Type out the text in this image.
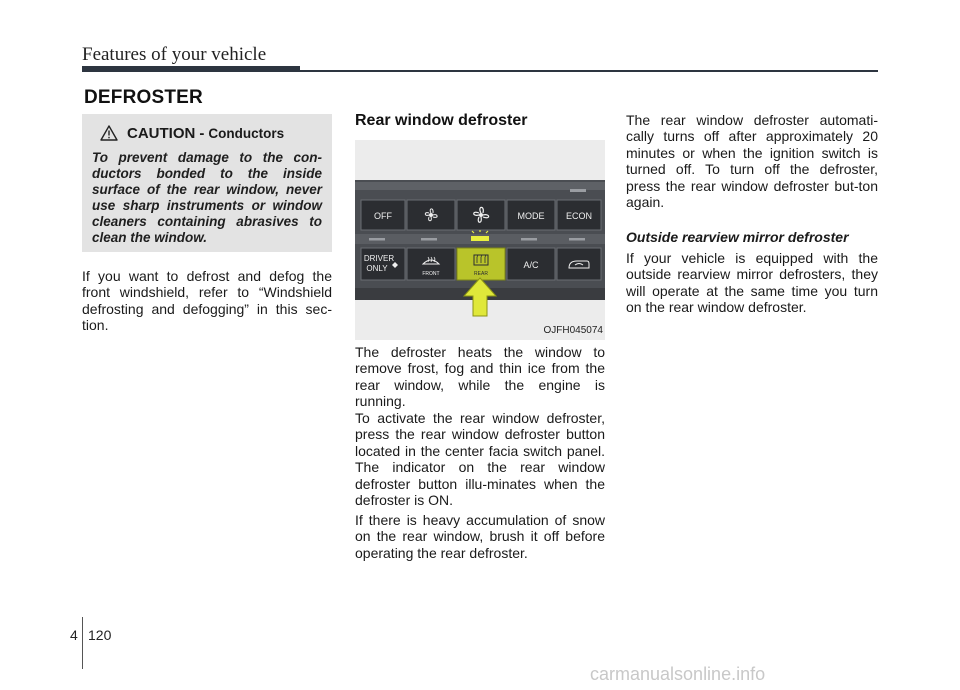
Features of your vehicle
DEFROSTER
CAUTION - Conductors
To prevent damage to the con-ductors bonded to the inside surface of the rear window, never use sharp instruments or window cleaners containing abrasives to clean the window.
If you want to defrost and defog the front windshield, refer to “Windshield defrosting and defogging” in this sec-tion.
Rear window defroster
OFF	MODE ECON
DRIVER
ONLY
FRONT	REAR
A/C
OJFH045074
The defroster heats the window to remove frost, fog and thin ice from the rear window, while the engine is running.
To activate the rear window defroster, press the rear window defroster button located in the center facia switch panel. The indicator on the rear window defroster button illu-minates when the defroster is ON.
If there is heavy accumulation of snow on the rear window, brush it off before operating the rear defroster.
The rear window defroster automati-cally turns off after approximately 20 minutes or when the ignition switch is turned off. To turn off the defroster, press the rear window defroster but-ton again.
Outside rearview mirror defroster
If your vehicle is equipped with the outside rearview mirror defrosters, they will operate at the same time you turn on the rear window defroster.
4 120
carmanualsonline.info
